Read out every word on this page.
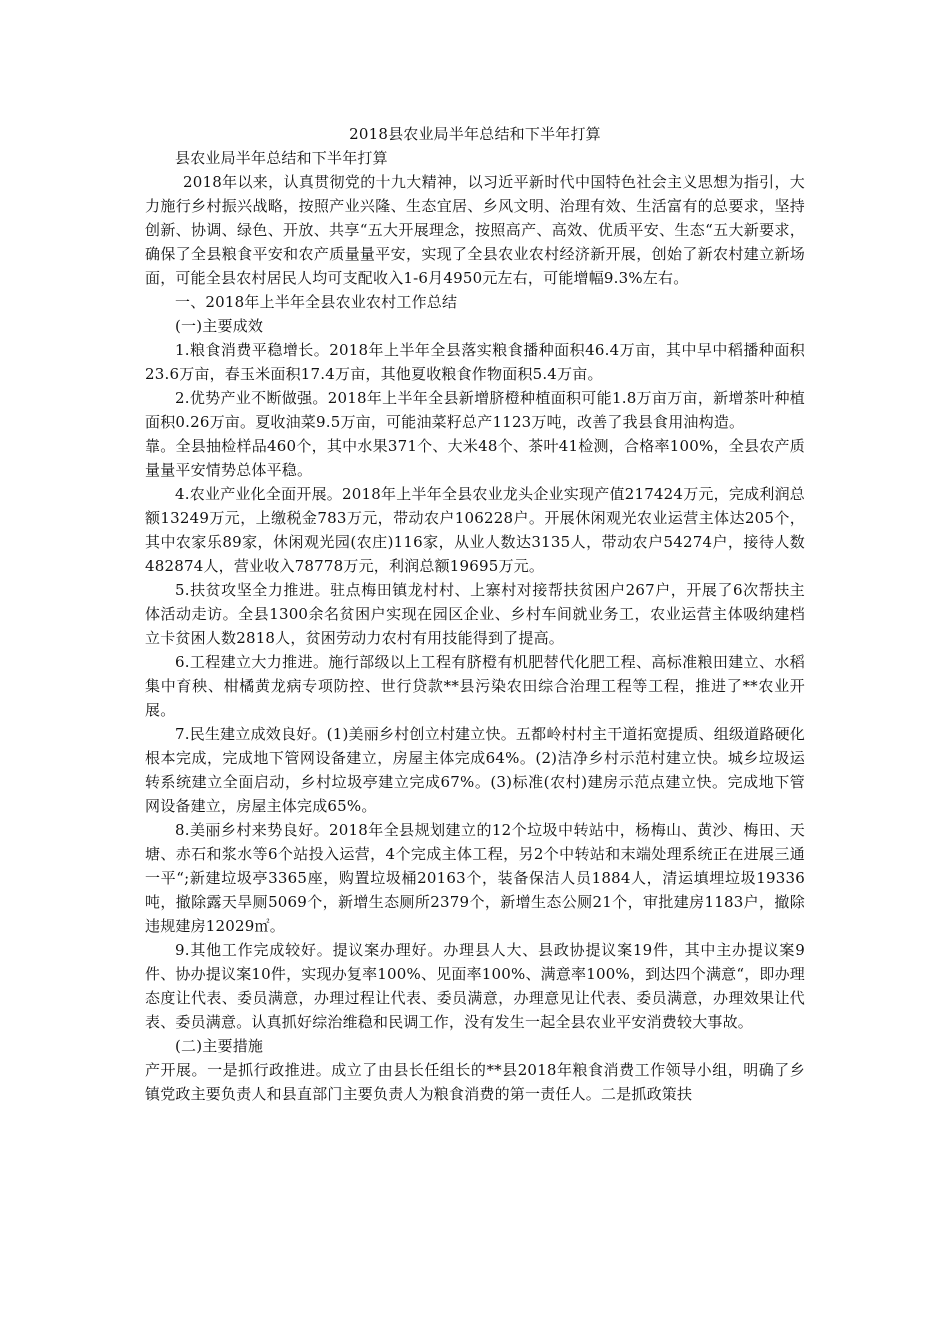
2018县农业局半年总结和下半年打算

县农业局半年总结和下半年打算

2018年以来，认真贯彻党的十九大精神，以习近平新时代中国特色社会主义思想为指引，大力施行乡村振兴战略，按照产业兴隆、生态宜居、乡风文明、治理有效、生活富有的总要求，坚持创新、协调、绿色、开放、共享“五大开展理念，按照高产、高效、优质平安、生态“五大新要求，确保了全县粮食平安和农产质量量平安，实现了全县农业农村经济新开展，创始了新农村建立新场面，可能全县农村居民人均可支配收入1-6月4950元左右，可能增幅9.3%左右。

一、2018年上半年全县农业农村工作总结

(一)主要成效

1.粮食消费平稳增长。2018年上半年全县落实粮食播种面积46.4万亩，其中早中稻播种面积23.6万亩，春玉米面积17.4万亩，其他夏收粮食作物面积5.4万亩。

2.优势产业不断做强。2018年上半年全县新增脐橙种植面积可能1.8万亩万亩，新增茶叶种植面积0.26万亩。夏收油菜9.5万亩，可能油菜籽总产1123万吨，改善了我县食用油构造。

靠。全县抽检样品460个，其中水果371个、大米48个、茶叶41检测，合格率100%，全县农产质量量平安情势总体平稳。

4.农业产业化全面开展。2018年上半年全县农业龙头企业实现产值217424万元，完成利润总额13249万元，上缴税金783万元，带动农户106228户。开展休闲观光农业运营主体达205个，其中农家乐89家，休闲观光园(农庄)116家，从业人数达3135人，带动农户54274户，接待人数482874人，营业收入78778万元，利润总额19695万元。

5.扶贫攻坚全力推进。驻点梅田镇龙村村、上寨村对接帮扶贫困户267户，开展了6次帮扶主体活动走访。全县1300余名贫困户实现在园区企业、乡村车间就业务工，农业运营主体吸纳建档立卡贫困人数2818人，贫困劳动力农村有用技能得到了提高。

6.工程建立大力推进。施行部级以上工程有脐橙有机肥替代化肥工程、高标准粮田建立、水稻集中育秧、柑橘黄龙病专项防控、世行贷款**县污染农田综合治理工程等工程，推进了**农业开展。

7.民生建立成效良好。(1)美丽乡村创立村建立快。五都岭村村主干道拓宽提质、组级道路硬化根本完成，完成地下管网设备建立，房屋主体完成64%。(2)洁净乡村示范村建立快。城乡垃圾运转系统建立全面启动，乡村垃圾亭建立完成67%。(3)标准(农村)建房示范点建立快。完成地下管网设备建立，房屋主体完成65%。

8.美丽乡村来势良好。2018年全县规划建立的12个垃圾中转站中，杨梅山、黄沙、梅田、天塘、赤石和浆水等6个站投入运营，4个完成主体工程，另2个中转站和末端处理系统正在进展三通一平“;新建垃圾亭3365座，购置垃圾桶20163个，装备保洁人员1884人，清运填埋垃圾19336吨，撤除露天旱厕5069个，新增生态厕所2379个，新增生态公厕21个，审批建房1183户，撤除违规建房12029㎡。

9.其他工作完成较好。提议案办理好。办理县人大、县政协提议案19件，其中主办提议案9件、协办提议案10件，实现办复率100%、见面率100%、满意率100%，到达四个满意“，即办理态度让代表、委员满意，办理过程让代表、委员满意，办理意见让代表、委员满意，办理效果让代表、委员满意。认真抓好综治维稳和民调工作，没有发生一起全县农业平安消费较大事故。

(二)主要措施

产开展。一是抓行政推进。成立了由县长任组长的**县2018年粮食消费工作领导小组，明确了乡镇党政主要负责人和县直部门主要负责人为粮食消费的第一责任人。二是抓政策扶
